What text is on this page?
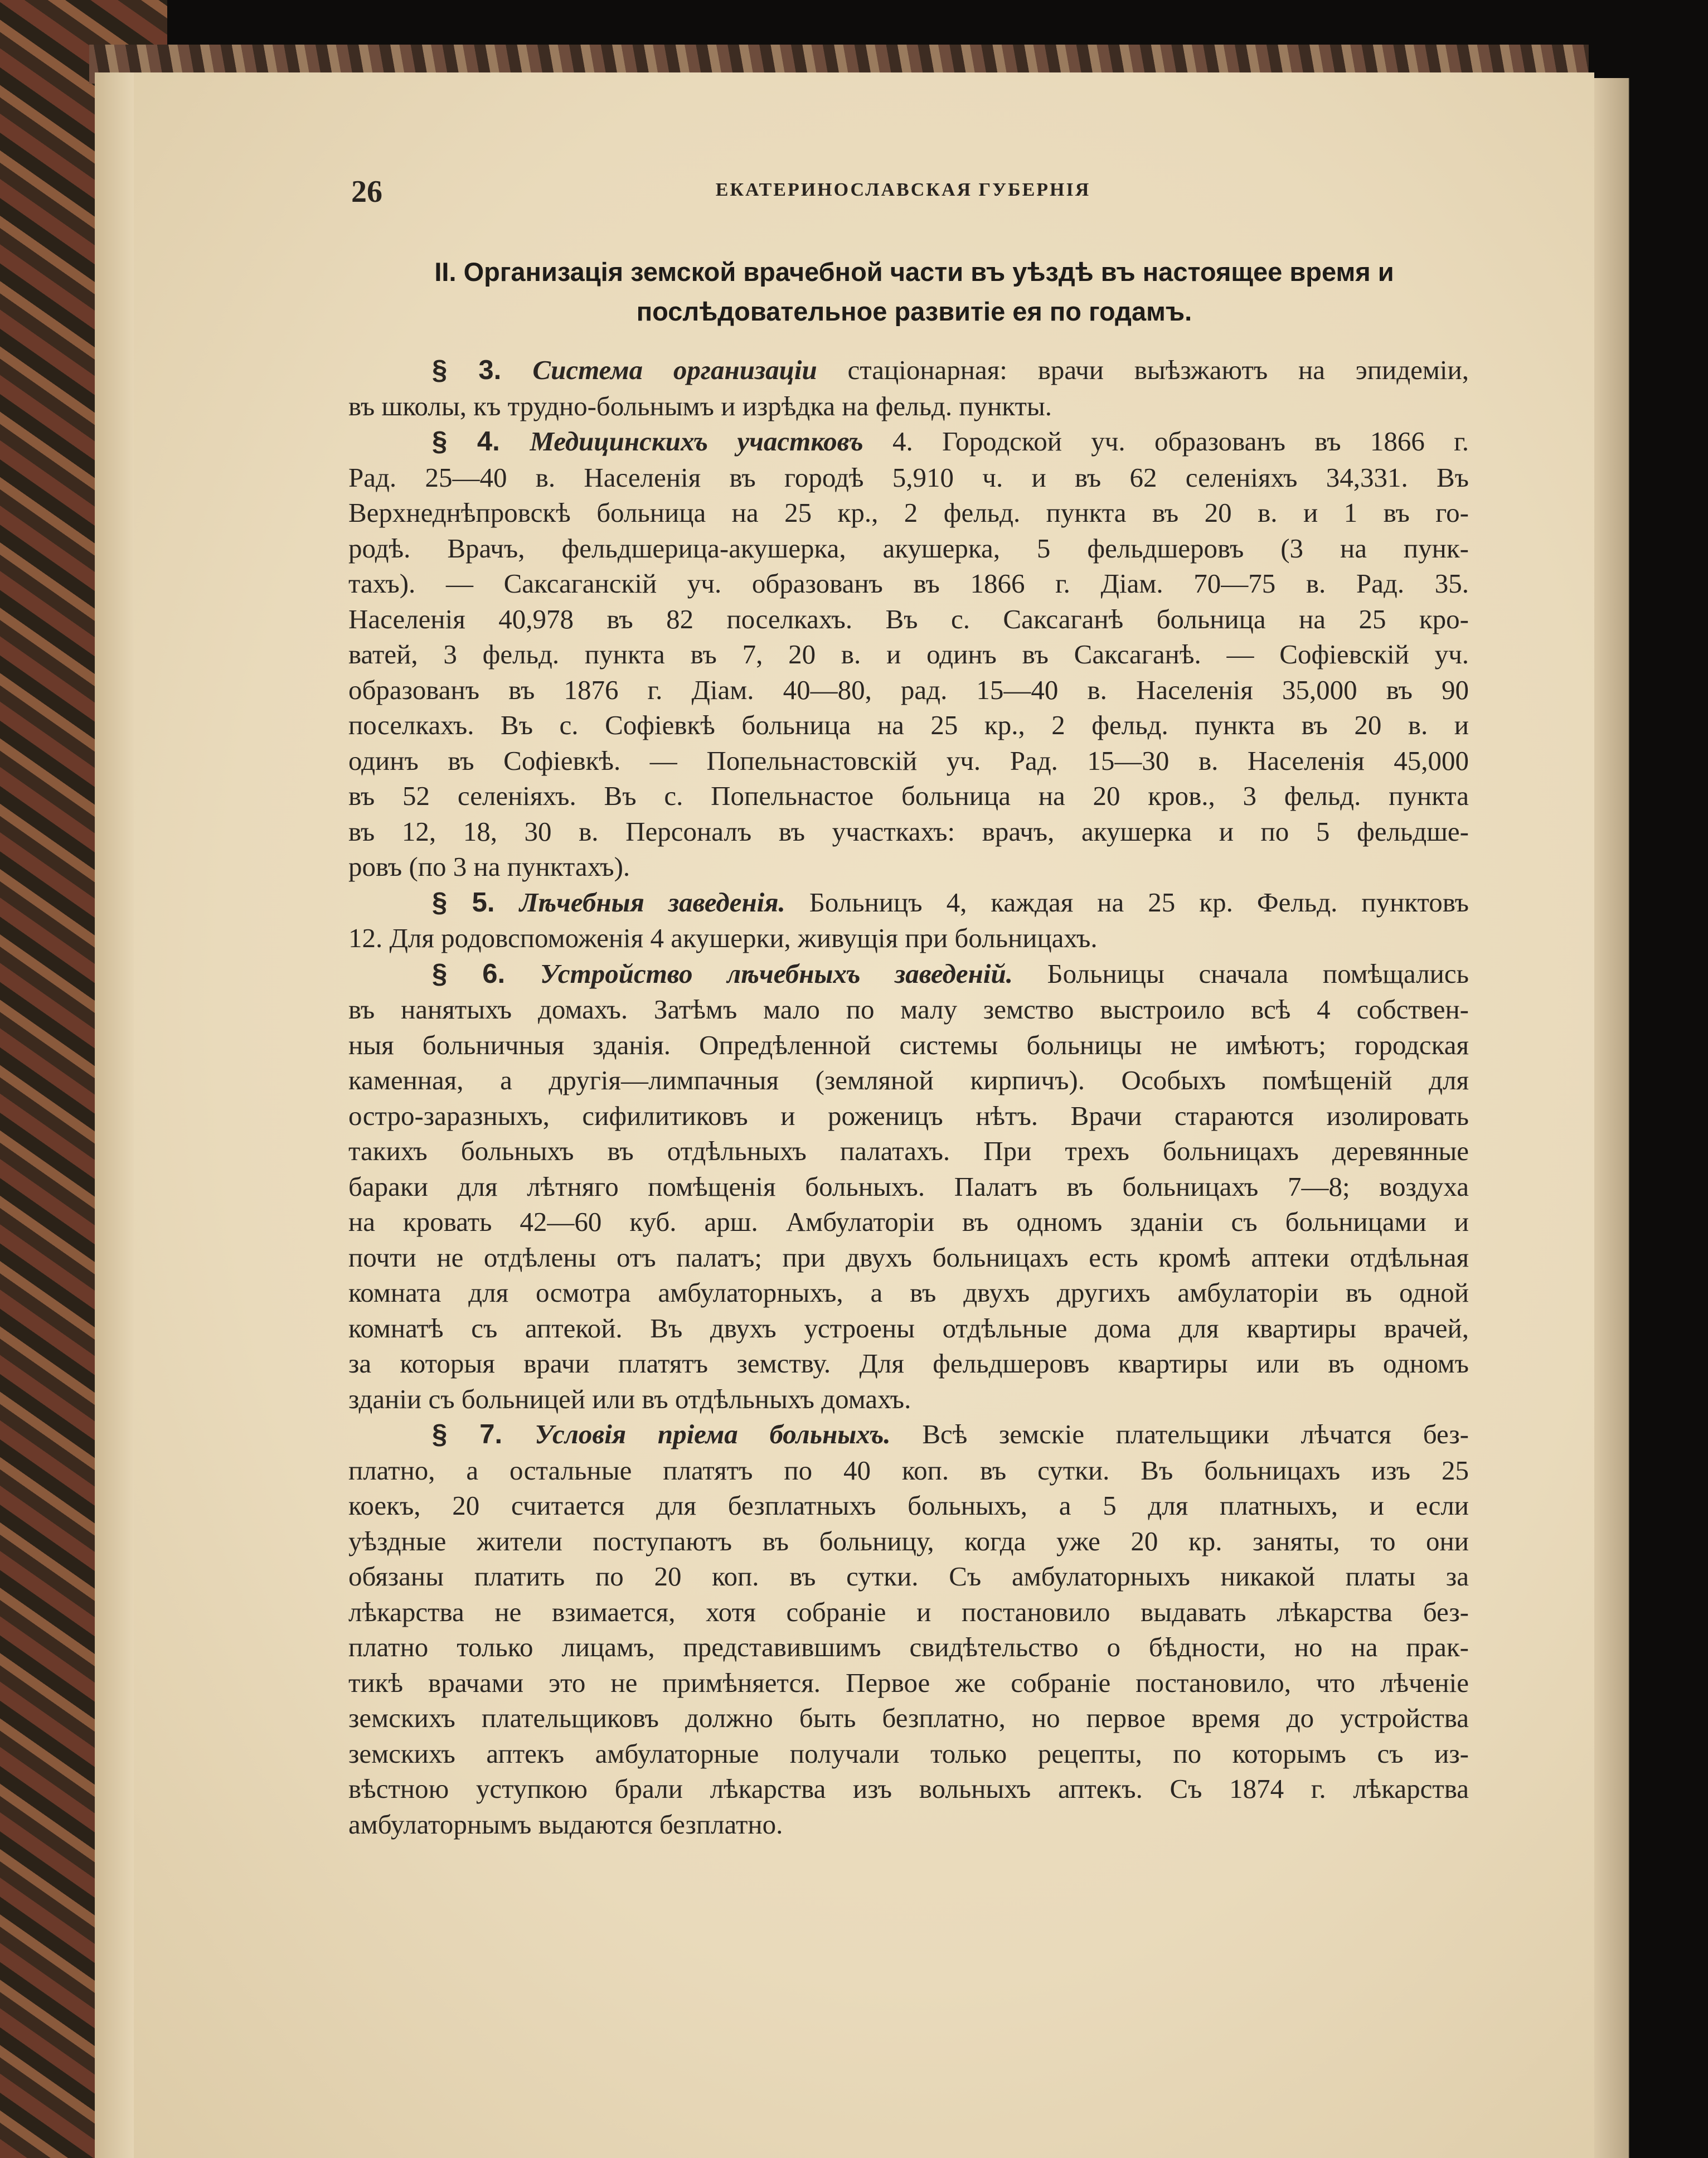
26	ЕКАТЕРИНОСЛАВСКАЯ ГУБЕРНІЯ
II. Организація земской врачебной части въ уѣздѣ въ настоящее время и
послѣдовательное развитіе ея по годамъ.
§ 3. Система организаціи стаціонарная: врачи выѣзжаютъ на эпидеміи,
въ школы, къ трудно-больнымъ и изрѣдка на фельд. пункты.
§ 4. Медицинскихъ участковъ 4. Городской уч. образованъ въ 1866 г.
Рад. 25—40 в. Населенія въ городѣ 5,910 ч. и въ 62 селеніяхъ 34,331. Въ
Верхнеднѣпровскѣ больница на 25 кр., 2 фельд. пункта въ 20 в. и 1 въ го-
родѣ. Врачъ, фельдшерица-акушерка, акушерка, 5 фельдшеровъ (3 на пунк-
тахъ). — Саксаганскій уч. образованъ въ 1866 г. Діам. 70—75 в. Рад. 35.
Населенія 40,978 въ 82 поселкахъ. Въ с. Саксаганѣ больница на 25 кро-
ватей, 3 фельд. пункта въ 7, 20 в. и одинъ въ Саксаганѣ. — Софіевскій уч.
образованъ въ 1876 г. Діам. 40—80, рад. 15—40 в. Населенія 35,000 въ 90
поселкахъ. Въ с. Софіевкѣ больница на 25 кр., 2 фельд. пункта въ 20 в. и
одинъ въ Софіевкѣ. — Попельнастовскій уч. Рад. 15—30 в. Населенія 45,000
въ 52 селеніяхъ. Въ с. Попельнастое больница на 20 кров., 3 фельд. пункта
въ 12, 18, 30 в. Персоналъ въ участкахъ: врачъ, акушерка и по 5 фельдше-
ровъ (по 3 на пунктахъ).
§ 5. Лѣчебныя заведенія. Больницъ 4, каждая на 25 кр. Фельд. пунктовъ
12. Для родовспоможенія 4 акушерки, живущія при больницахъ.
§ 6. Устройство лѣчебныхъ заведеній. Больницы сначала помѣщались
въ нанятыхъ домахъ. Затѣмъ мало по малу земство выстроило всѣ 4 собствен-
ныя больничныя зданія. Опредѣленной системы больницы не имѣютъ; городская
каменная, а другія—лимпачныя (земляной кирпичъ). Особыхъ помѣщеній для
остро-заразныхъ, сифилитиковъ и роженицъ нѣтъ. Врачи стараются изолировать
такихъ больныхъ въ отдѣльныхъ палатахъ. При трехъ больницахъ деревянные
бараки для лѣтняго помѣщенія больныхъ. Палатъ въ больницахъ 7—8; воздуха
на кровать 42—60 куб. арш. Амбулаторіи въ одномъ зданіи съ больницами и
почти не отдѣлены отъ палатъ; при двухъ больницахъ есть кромѣ аптеки отдѣльная
комната для осмотра амбулаторныхъ, а въ двухъ другихъ амбулаторіи въ одной
комнатѣ съ аптекой. Въ двухъ устроены отдѣльные дома для квартиры врачей,
за которыя врачи платятъ земству. Для фельдшеровъ квартиры или въ одномъ
зданіи съ больницей или въ отдѣльныхъ домахъ.
§ 7. Условія пріема больныхъ. Всѣ земскіе плательщики лѣчатся без-
платно, а остальные платятъ по 40 коп. въ сутки. Въ больницахъ изъ 25
коекъ, 20 считается для безплатныхъ больныхъ, а 5 для платныхъ, и если
уѣздные жители поступаютъ въ больницу, когда уже 20 кр. заняты, то они
обязаны платить по 20 коп. въ сутки. Съ амбулаторныхъ никакой платы за
лѣкарства не взимается, хотя собраніе и постановило выдавать лѣкарства без-
платно только лицамъ, представившимъ свидѣтельство о бѣдности, но на прак-
тикѣ врачами это не примѣняется. Первое же собраніе постановило, что лѣченіе
земскихъ плательщиковъ должно быть безплатно, но первое время до устройства
земскихъ аптекъ амбулаторные получали только рецепты, по которымъ съ из-
вѣстною уступкою брали лѣкарства изъ вольныхъ аптекъ. Съ 1874 г. лѣкарства
амбулаторнымъ выдаются безплатно.
